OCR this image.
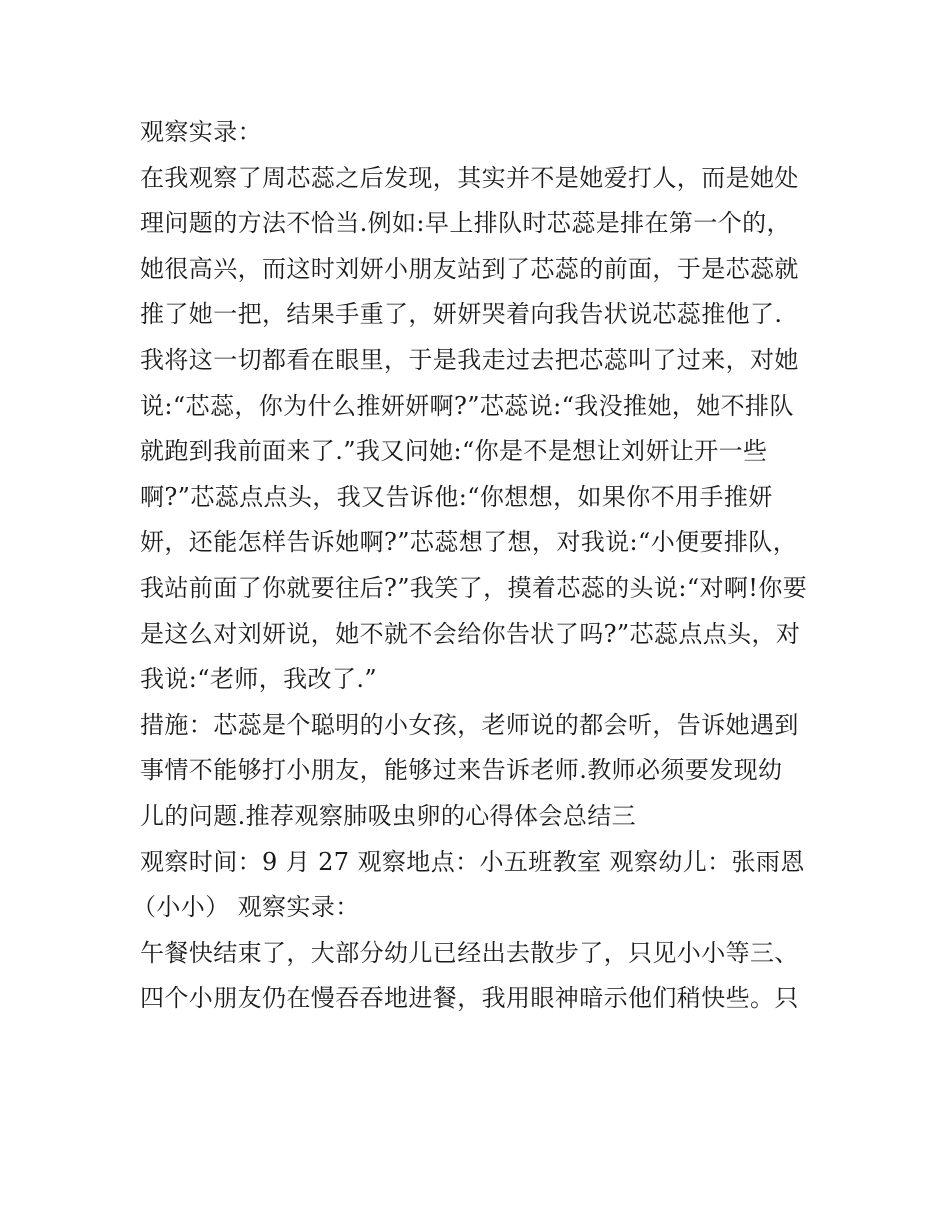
观察实录：
在我观察了周芯蕊之后发现，其实并不是她爱打人，而是她处
理问题的方法不恰当.例如:早上排队时芯蕊是排在第一个的，
她很高兴，而这时刘妍小朋友站到了芯蕊的前面，于是芯蕊就
推了她一把，结果手重了，妍妍哭着向我告状说芯蕊推他了.
我将这一切都看在眼里，于是我走过去把芯蕊叫了过来，对她
说:“芯蕊，你为什么推妍妍啊?”芯蕊说:“我没推她，她不排队
就跑到我前面来了.”我又问她:“你是不是想让刘妍让开一些
啊?”芯蕊点点头，我又告诉他:“你想想，如果你不用手推妍
妍，还能怎样告诉她啊?”芯蕊想了想，对我说:“小便要排队，
我站前面了你就要往后?”我笑了，摸着芯蕊的头说:“对啊!你要
是这么对刘妍说，她不就不会给你告状了吗?”芯蕊点点头，对
我说:“老师，我改了.”
措施：芯蕊是个聪明的小女孩，老师说的都会听，告诉她遇到
事情不能够打小朋友，能够过来告诉老师.教师必须要发现幼
儿的问题.推荐观察肺吸虫卵的心得体会总结三
观察时间：9 月 27 观察地点：小五班教室 观察幼儿：张雨恩
（小小） 观察实录：
午餐快结束了，大部分幼儿已经出去散步了，只见小小等三、
四个小朋友仍在慢吞吞地进餐，我用眼神暗示他们稍快些。只
